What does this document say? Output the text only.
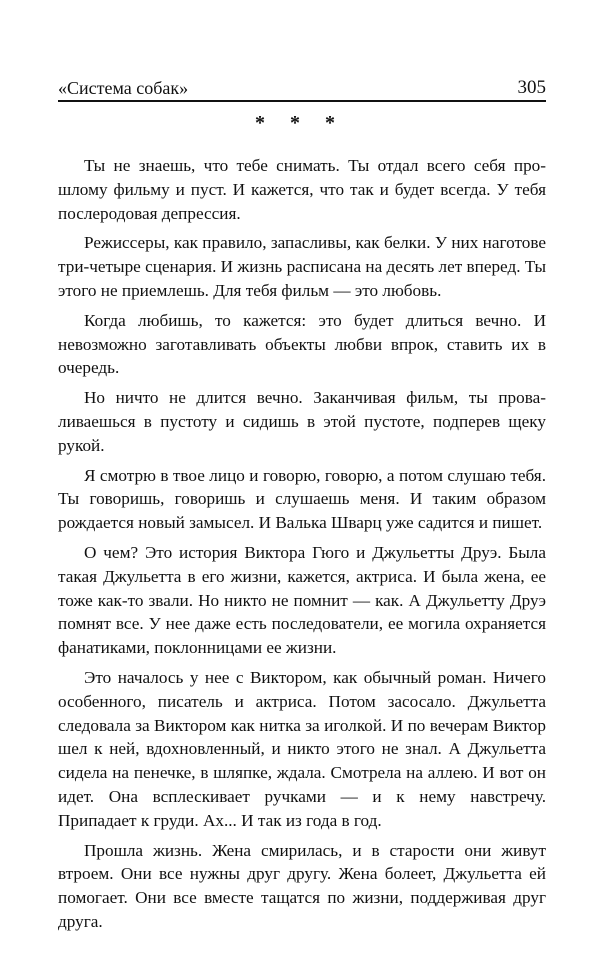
«Система собак»	305
* * *

Ты не знаешь, что тебе снимать. Ты отдал всего себя прошлому фильму и пуст. И кажется, что так и будет всегда. У тебя послеродовая депрессия.

Режиссеры, как правило, запасливы, как белки. У них наготове три-четыре сценария. И жизнь расписана на десять лет вперед. Ты этого не приемлешь. Для тебя фильм — это любовь.

Когда любишь, то кажется: это будет длиться вечно. И невозможно заготавливать объекты любви впрок, ставить их в очередь.

Но ничто не длится вечно. Заканчивая фильм, ты проваливаешься в пустоту и сидишь в этой пустоте, подперев щеку рукой.

Я смотрю в твое лицо и говорю, говорю, а потом слушаю тебя. Ты говоришь, говоришь и слушаешь меня. И таким образом рождается новый замысел. И Валька Шварц уже садится и пишет.

О чем? Это история Виктора Гюго и Джульетты Друэ. Была такая Джульетта в его жизни, кажется, актриса. И была жена, ее тоже как-то звали. Но никто не помнит — как. А Джульетту Друэ помнят все. У нее даже есть последователи, ее могила охраняется фанатиками, поклонницами ее жизни.

Это началось у нее с Виктором, как обычный роман. Ничего особенного, писатель и актриса. Потом засосало. Джульетта следовала за Виктором как нитка за иголкой. И по вечерам Виктор шел к ней, вдохновленный, и никто этого не знал. А Джульетта сидела на пенечке, в шляпке, ждала. Смотрела на аллею. И вот он идет. Она всплескивает ручками — и к нему навстречу. Припадает к груди. Ах... И так из года в год.

Прошла жизнь. Жена смирилась, и в старости они живут втроем. Они все нужны друг другу. Жена болеет, Джульетта ей помогает. Они все вместе тащатся по жизни, поддерживая друг друга.
